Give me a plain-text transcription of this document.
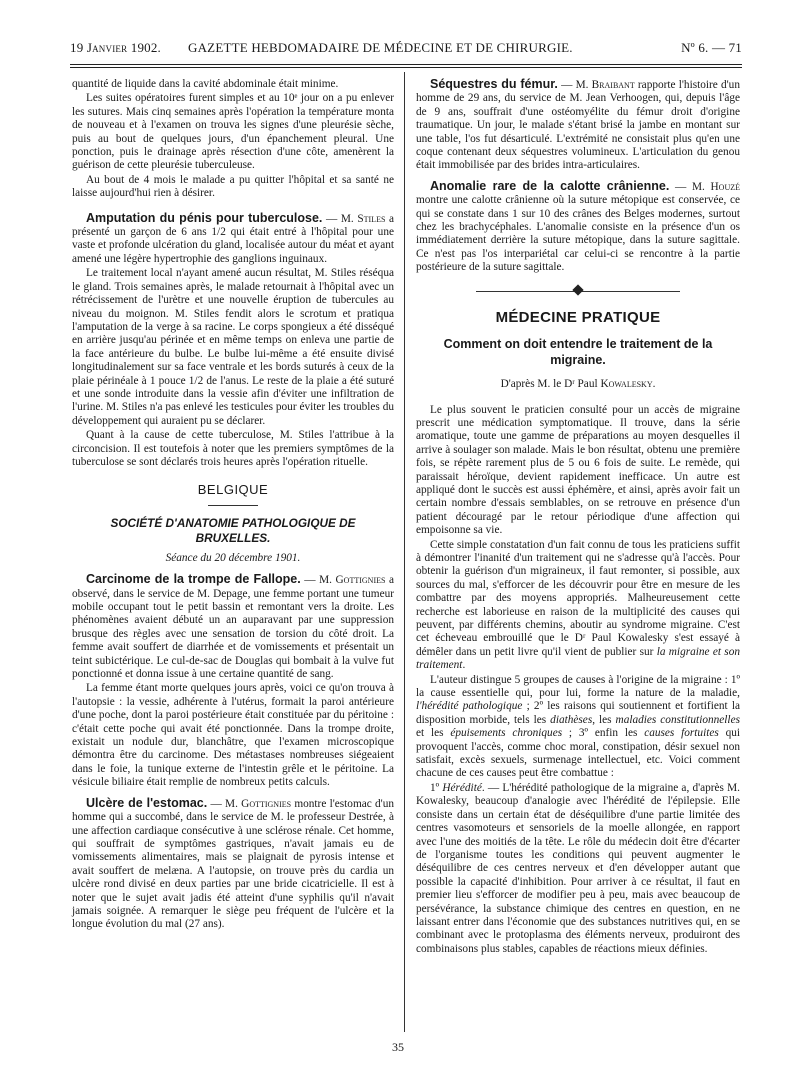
19 Janvier 1902. GAZETTE HEBDOMADAIRE DE MÉDECINE ET DE CHIRURGIE.	Nº 6. — 71

quantité de liquide dans la cavité abdominale était minime.

Les suites opératoires furent simples et au 10ᵉ jour on a pu enlever les sutures. Mais cinq semaines après l'opération la température monta de nouveau et à l'examen on trouva les signes d'une pleurésie sèche, puis au bout de quelques jours, d'un épanchement pleural. Une ponction, puis le drainage après résection d'une côte, amenèrent la guérison de cette pleurésie tuberculeuse.

Au bout de 4 mois le malade a pu quitter l'hôpital et sa santé ne laisse aujourd'hui rien à désirer.

Amputation du pénis pour tuberculose. — M. Stiles a présenté un garçon de 6 ans 1/2 qui était entré à l'hôpital pour une vaste et profonde ulcération du gland, localisée autour du méat et ayant amené une légère hypertrophie des ganglions inguinaux.

Le traitement local n'ayant amené aucun résultat, M. Stiles réséqua le gland. Trois semaines après, le malade retournait à l'hôpital avec un rétrécissement de l'urètre et une nouvelle éruption de tubercules au niveau du moignon. M. Stiles fendit alors le scrotum et pratiqua l'amputation de la verge à sa racine. Le corps spongieux a été disséqué en arrière jusqu'au périnée et en même temps on enleva une partie de la face antérieure du bulbe. Le bulbe lui-même a été ensuite divisé longitudinalement sur sa face ventrale et les bords suturés à ceux de la plaie périnéale à 1 pouce 1/2 de l'anus. Le reste de la plaie a été suturé et une sonde introduite dans la vessie afin d'éviter une infiltration de l'urine. M. Stiles n'a pas enlevé les testicules pour éviter les troubles du développement qui auraient pu se déclarer.

Quant à la cause de cette tuberculose, M. Stiles l'attribue à la circoncision. Il est toutefois à noter que les premiers symptômes de la tuberculose se sont déclarés trois heures après l'opération rituelle.

BELGIQUE

SOCIÉTÉ D'ANATOMIE PATHOLOGIQUE DE BRUXELLES.

Séance du 20 décembre 1901.

Carcinome de la trompe de Fallope. — M. Gottignies a observé, dans le service de M. Depage, une femme portant une tumeur mobile occupant tout le petit bassin et remontant vers la droite. Les phénomènes avaient débuté un an auparavant par une suppression brusque des règles avec une sensation de torsion du côté droit. La femme avait souffert de diarrhée et de vomissements et présentait un teint subictérique. Le cul-de-sac de Douglas qui bombait à la vulve fut ponctionné et donna issue à une certaine quantité de sang.

La femme étant morte quelques jours après, voici ce qu'on trouva à l'autopsie : la vessie, adhérente à l'utérus, formait la paroi antérieure d'une poche, dont la paroi postérieure était constituée par du péritoine : c'était cette poche qui avait été ponctionnée. Dans la trompe droite, existait un nodule dur, blanchâtre, que l'examen microscopique démontra être du carcinome. Des métastases nombreuses siégeaient dans le foie, la tunique externe de l'intestin grêle et le péritoine. La vésicule biliaire était remplie de nombreux petits calculs.

Ulcère de l'estomac. — M. Gottignies montre l'estomac d'un homme qui a succombé, dans le service de M. le professeur Destrée, à une affection cardiaque consécutive à une sclérose rénale. Cet homme, qui souffrait de symptômes gastriques, n'avait jamais eu de vomissements alimentaires, mais se plaignait de pyrosis intense et avait souffert de melæna. A l'autopsie, on trouve près du cardia un ulcère rond divisé en deux parties par une bride cicatricielle. Il est à noter que le sujet avait jadis été atteint d'une syphilis qu'il n'avait jamais soignée. A remarquer le siège peu fréquent de l'ulcère et la longue évolution du mal (27 ans).

Séquestres du fémur. — M. Braibant rapporte l'histoire d'un homme de 29 ans, du service de M. Jean Verhoogen, qui, depuis l'âge de 9 ans, souffrait d'une ostéomyélite du fémur droit d'origine traumatique. Un jour, le malade s'étant brisé la jambe en montant sur une table, l'os fut désarticulé. L'extrémité ne consistait plus qu'en une coque contenant deux séquestres volumineux. L'articulation du genou était immobilisée par des brides intra-articulaires.

Anomalie rare de la calotte crânienne. — M. Houzé montre une calotte crânienne où la suture métopique est conservée, ce qui se constate dans 1 sur 10 des crânes des Belges modernes, surtout chez les brachycéphales. L'anomalie consiste en la présence d'un os immédiatement derrière la suture métopique, dans la suture sagittale. Ce n'est pas l'os interpariétal car celui-ci se rencontre à la partie postérieure de la suture sagittale.

MÉDECINE PRATIQUE

Comment on doit entendre le traitement de la migraine.

D'après M. le Dʳ Paul Kowalesky.

Le plus souvent le praticien consulté pour un accès de migraine prescrit une médication symptomatique. Il trouve, dans la série aromatique, toute une gamme de préparations au moyen desquelles il arrive à soulager son malade. Mais le bon résultat, obtenu une première fois, se répète rarement plus de 5 ou 6 fois de suite. Le remède, qui paraissait héroïque, devient rapidement inefficace. Un autre est appliqué dont le succès est aussi éphémère, et ainsi, après avoir fait un certain nombre d'essais semblables, on se retrouve en présence d'un patient découragé par le retour périodique d'une affection qui empoisonne sa vie.

Cette simple constatation d'un fait connu de tous les praticiens suffit à démontrer l'inanité d'un traitement qui ne s'adresse qu'à l'accès. Pour obtenir la guérison d'un migraineux, il faut remonter, si possible, aux sources du mal, s'efforcer de les découvrir pour être en mesure de les combattre par des moyens appropriés. Malheureusement cette recherche est laborieuse en raison de la multiplicité des causes qui peuvent, par différents chemins, aboutir au syndrome migraine. C'est cet écheveau embrouillé que le Dʳ Paul Kowalesky s'est essayé à démêler dans un petit livre qu'il vient de publier sur la migraine et son traitement.

L'auteur distingue 5 groupes de causes à l'origine de la migraine : 1º la cause essentielle qui, pour lui, forme la nature de la maladie, l'hérédité pathologique ; 2º les raisons qui soutiennent et fortifient la disposition morbide, tels les diathèses, les maladies constitutionnelles et les épuisements chroniques ; 3º enfin les causes fortuites qui provoquent l'accès, comme choc moral, constipation, désir sexuel non satisfait, excès sexuels, surmenage intellectuel, etc. Voici comment chacune de ces causes peut être combattue :

1º Hérédité. — L'hérédité pathologique de la migraine a, d'après M. Kowalesky, beaucoup d'analogie avec l'hérédité de l'épilepsie. Elle consiste dans un certain état de déséquilibre d'une partie limitée des centres vasomoteurs et sensoriels de la moelle allongée, en rapport avec l'une des moitiés de la tête. Le rôle du médecin doit être d'écarter de l'organisme toutes les conditions qui peuvent augmenter le déséquilibre de ces centres nerveux et d'en développer autant que possible la capacité d'inhibition. Pour arriver à ce résultat, il faut en premier lieu s'efforcer de modifier peu à peu, mais avec beaucoup de persévérance, la substance chimique des centres en question, en ne laissant entrer dans l'économie que des substances nutritives qui, en se combinant avec le protoplasma des éléments nerveux, produiront des combinaisons plus stables, capables de réactions mieux définies.

35
